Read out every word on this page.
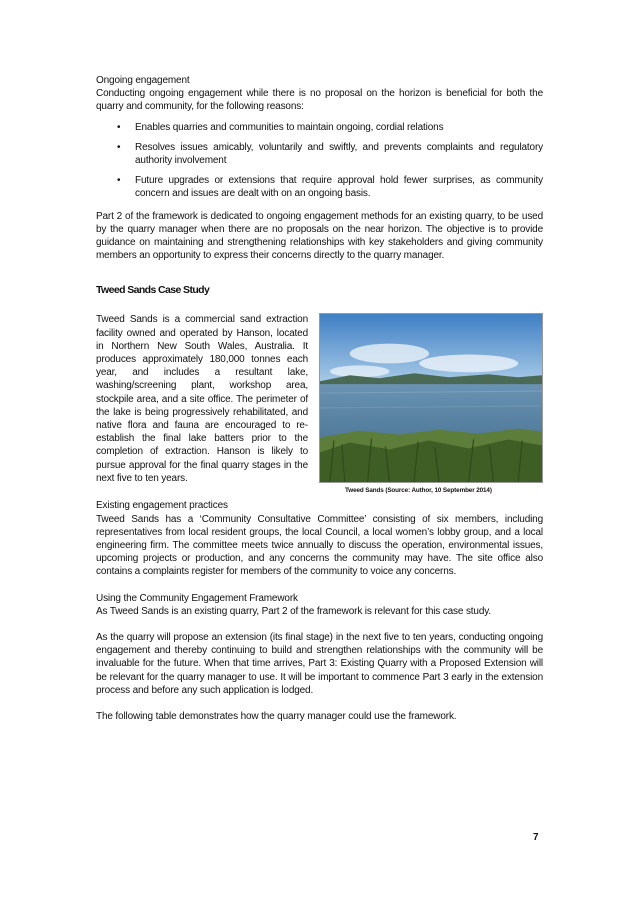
Ongoing engagement

Conducting ongoing engagement while there is no proposal on the horizon is beneficial for both the quarry and community, for the following reasons:

• Enables quarries and communities to maintain ongoing, cordial relations
• Resolves issues amicably, voluntarily and swiftly, and prevents complaints and regulatory authority involvement
• Future upgrades or extensions that require approval hold fewer surprises, as community concern and issues are dealt with on an ongoing basis.

Part 2 of the framework is dedicated to ongoing engagement methods for an existing quarry, to be used by the quarry manager when there are no proposals on the near horizon. The objective is to provide guidance on maintaining and strengthening relationships with key stakeholders and giving community members an opportunity to express their concerns directly to the quarry manager.

Tweed Sands Case Study

Tweed Sands is a commercial sand extraction facility owned and operated by Hanson, located in Northern New South Wales, Australia. It produces approximately 180,000 tonnes each year, and includes a resultant lake, washing/screening plant, workshop area, stockpile area, and a site office. The perimeter of the lake is being progressively rehabilitated, and native flora and fauna are encouraged to re-establish the final lake batters prior to the completion of extraction. Hanson is likely to pursue approval for the final quarry stages in the next five to ten years.

Tweed Sands (Source: Author, 10 September 2014)

Existing engagement practices

Tweed Sands has a ‘Community Consultative Committee’ consisting of six members, including representatives from local resident groups, the local Council, a local women’s lobby group, and a local engineering firm. The committee meets twice annually to discuss the operation, environmental issues, upcoming projects or production, and any concerns the community may have. The site office also contains a complaints register for members of the community to voice any concerns.

Using the Community Engagement Framework

As Tweed Sands is an existing quarry, Part 2 of the framework is relevant for this case study.

As the quarry will propose an extension (its final stage) in the next five to ten years, conducting ongoing engagement and thereby continuing to build and strengthen relationships with the community will be invaluable for the future. When that time arrives, Part 3: Existing Quarry with a Proposed Extension will be relevant for the quarry manager to use. It will be important to commence Part 3 early in the extension process and before any such application is lodged.

The following table demonstrates how the quarry manager could use the framework.

7
